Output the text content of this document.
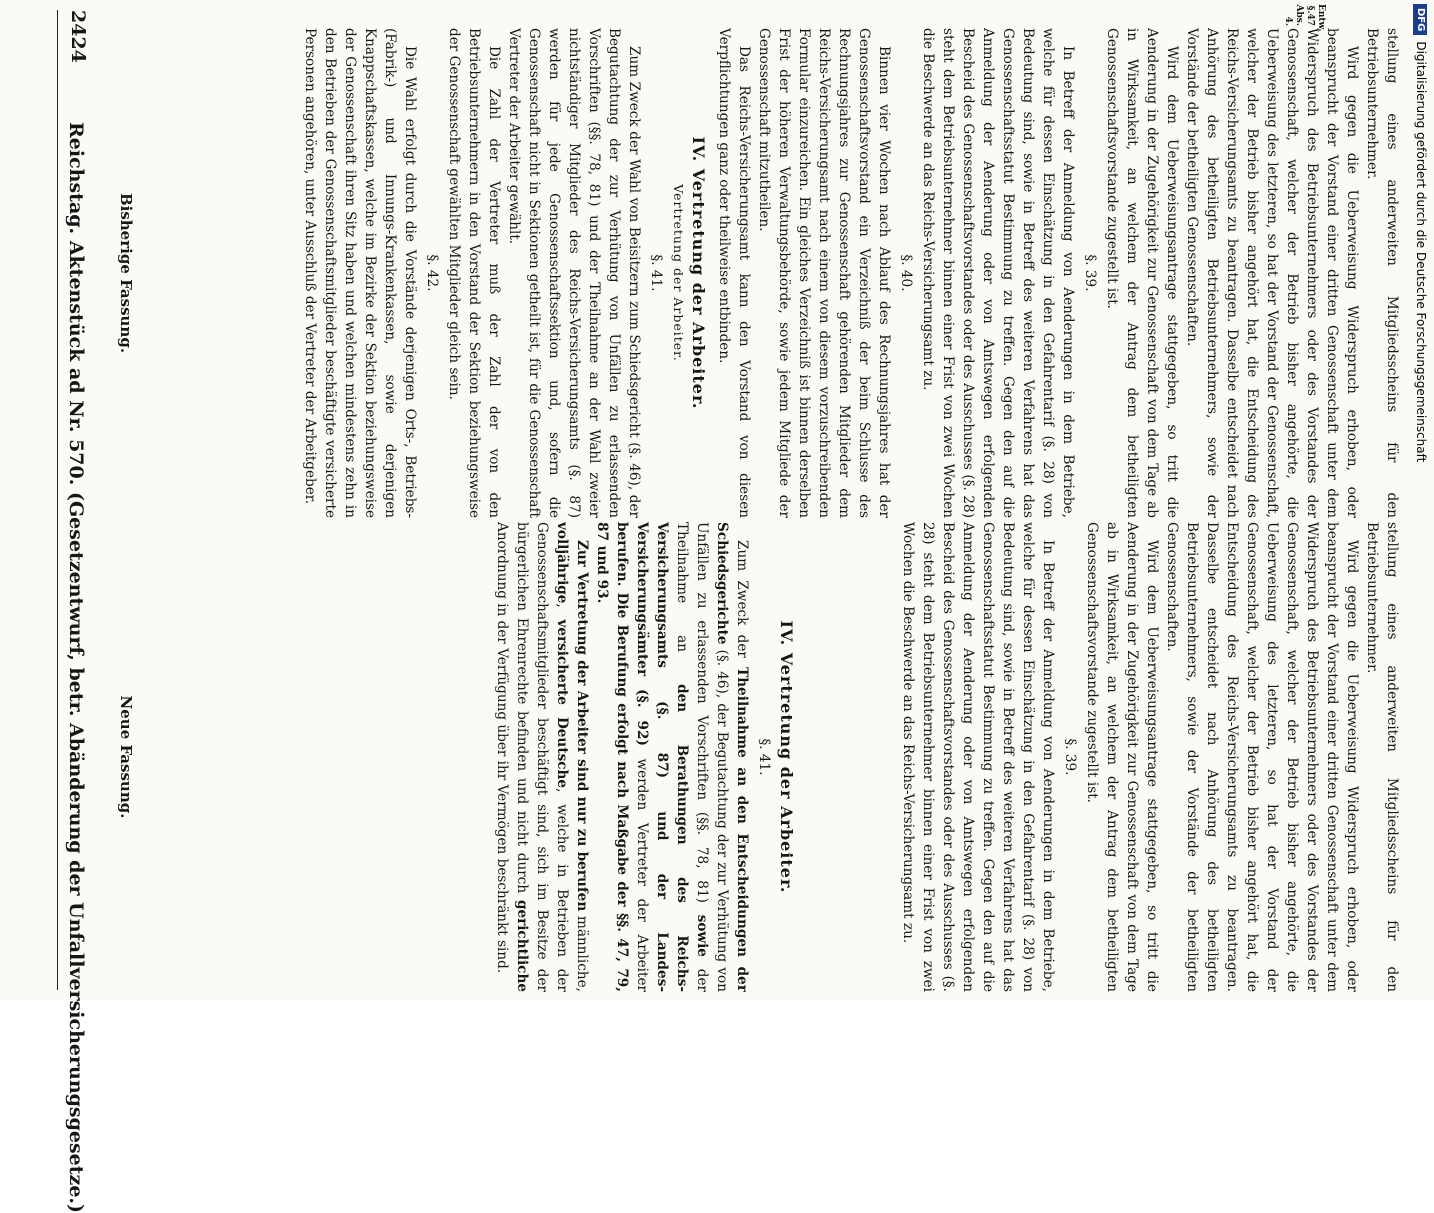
2424
Reichstag. Aktenstück ad Nr. 570. (Gesetzentwurf, betr. Abänderung der Unfallversicherungsgesetze.) Bisherige Fassung.
Neue Fassung.
Entw. §.47 Abs. 4.

stellung eines anderweiten Mitgliedsscheins für den Betriebsunternehmer.

Wird gegen die Ueberweisung Widerspruch erhoben, oder beansprucht der Vorstand einer dritten Genossenschaft unter dem Widerspruch des Betriebsunternehmers oder des Vorstandes der Genossenschaft, welcher der Betrieb bisher angehörte, die Ueberweisung des letzteren, so hat der Vorstand der Genossenschaft, welcher der Betrieb bisher angehört hat, die Entscheidung des Reichs-Versicherungsamts zu beantragen. Dasselbe entscheidet nach Anhörung des betheiligten Betriebsunternehmers, sowie der Vorstände der betheiligten Genossenschaften.

Wird dem Ueberweisungsantrage stattgegeben, so tritt die Aenderung in der Zugehörigkeit zur Genossenschaft von dem Tage ab in Wirksamkeit, an welchem der Antrag dem betheiligten Genossenschaftsvorstande zugestellt ist.

§. 39.

In Betreff der Anmeldung von Aenderungen in dem Betriebe, welche für dessen Einschätzung in den Gefahrentarif (§. 28) von Bedeutung sind, sowie in Betreff des weiteren Verfahrens hat das Genossenschaftsstatut Bestimmung zu treffen. Gegen den auf die Anmeldung der Aenderung oder von Amtswegen erfolgenden Bescheid des Genossenschaftsvorstandes oder des Ausschusses (§. 28) steht dem Betriebsunternehmer binnen einer Frist von zwei Wochen die Beschwerde an das Reichs-Versicherungsamt zu.

§. 40.

Binnen vier Wochen nach Ablauf des Rechnungsjahres hat der Genossenschaftsvorstand ein Verzeichniß der beim Schlusse des Rechnungsjahres zur Genossenschaft gehörenden Mitglieder dem Reichs-Versicherungsamt nach einem von diesem vorzuschreibenden Formular einzureichen. Ein gleiches Verzeichniß ist binnen derselben Frist der höheren Verwaltungsbehörde, sowie jedem Mitgliede der Genossenschaft mitzutheilen.

Das Reichs-Versicherungsamt kann den Vorstand von diesen Verpflichtungen ganz oder theilweise entbinden.

IV. Vertretung der Arbeiter.
Vertretung der Arbeiter.
§. 41.

Zum Zweck der Wahl von Beisitzern zum Schiedsgericht (§. 46), der Begutachtung der zur Verhütung von Unfällen zu erlassenden Vorschriften (§§. 78, 81) und der Theilnahme an der Wahl zweier nichtständiger Mitglieder des Reichs-Versicherungsamts (§. 87) werden für jede Genossenschaftssektion und, sofern die Genossenschaft nicht in Sektionen getheilt ist, für die Genossenschaft Vertreter der Arbeiter gewählt.

Die Zahl der Vertreter muß der Zahl der von den Betriebsunternehmern in den Vorstand der Sektion beziehungsweise der Genossenschaft gewählten Mitglieder gleich sein.

§. 42.

Die Wahl erfolgt durch die Vorstände derjenigen Orts-, Betriebs-(Fabrik-) und Innungs-Krankenkassen, sowie derjenigen Knappschaftskassen, welche im Bezirke der Sektion beziehungsweise der Genossenschaft ihren Sitz haben und welchen mindestens zehn in den Betrieben der Genossenschaftsmitglieder beschäftigte versicherte Personen angehören, unter Ausschluß der Vertreter der Arbeitgeber.

stellung eines anderweiten Mitgliedsscheins für den Betriebsunternehmer.

Wird gegen die Ueberweisung Widerspruch erhoben, oder beansprucht der Vorstand einer dritten Genossenschaft unter dem Widerspruch des Betriebsunternehmers oder des Vorstandes der Genossenschaft, welcher der Betrieb bisher angehörte, die Ueberweisung des letzteren, so hat der Vorstand der Genossenschaft, welcher der Betrieb bisher angehört hat, die Entscheidung des Reichs-Versicherungsamts zu beantragen. Dasselbe entscheidet nach Anhörung des betheiligten Betriebsunternehmers, sowie der Vorstände der betheiligten Genossenschaften.

Wird dem Ueberweisungsantrage stattgegeben, so tritt die Aenderung in der Zugehörigkeit zur Genossenschaft von dem Tage ab in Wirksamkeit, an welchem der Antrag dem betheiligten Genossenschaftsvorstande zugestellt ist.

§. 39.

In Betreff der Anmeldung von Aenderungen in dem Betriebe, welche für dessen Einschätzung in den Gefahrentarif (§. 28) von Bedeutung sind, sowie in Betreff des weiteren Verfahrens hat das Genossenschaftsstatut Bestimmung zu treffen. Gegen den auf die Anmeldung der Aenderung oder von Amtswegen erfolgenden Bescheid des Genossenschaftsvorstandes oder des Ausschusses (§. 28) steht dem Betriebsunternehmer binnen einer Frist von zwei Wochen die Beschwerde an das Reichs-Versicherungsamt zu.

IV. Vertretung der Arbeiter.
§. 41.

Zum Zweck der Theilnahme an den Entscheidungen der Schiedsgerichte (§. 46), der Begutachtung der zur Verhütung von Unfällen zu erlassenden Vorschriften (§§. 78, 81) sowie der Theilnahme an den Berathungen des Reichs-Versicherungsamts (§. 87) und der Landes-Versicherungsämter (§. 92) werden Vertreter der Arbeiter berufen. Die Berufung erfolgt nach Maßgabe der §§. 47, 79, 87 und 93.

Zur Vertretung der Arbeiter sind nur zu berufen männliche, volljährige, versicherte Deutsche, welche in Betrieben der Genossenschaftsmitglieder beschäftigt sind, sich im Besitze der bürgerlichen Ehrenrechte befinden und nicht durch gerichtliche Anordnung in der Verfügung über ihr Vermögen beschränkt sind.

DFGDigitalisierung gefördert durch die Deutsche Forschungsgemeinschaft
